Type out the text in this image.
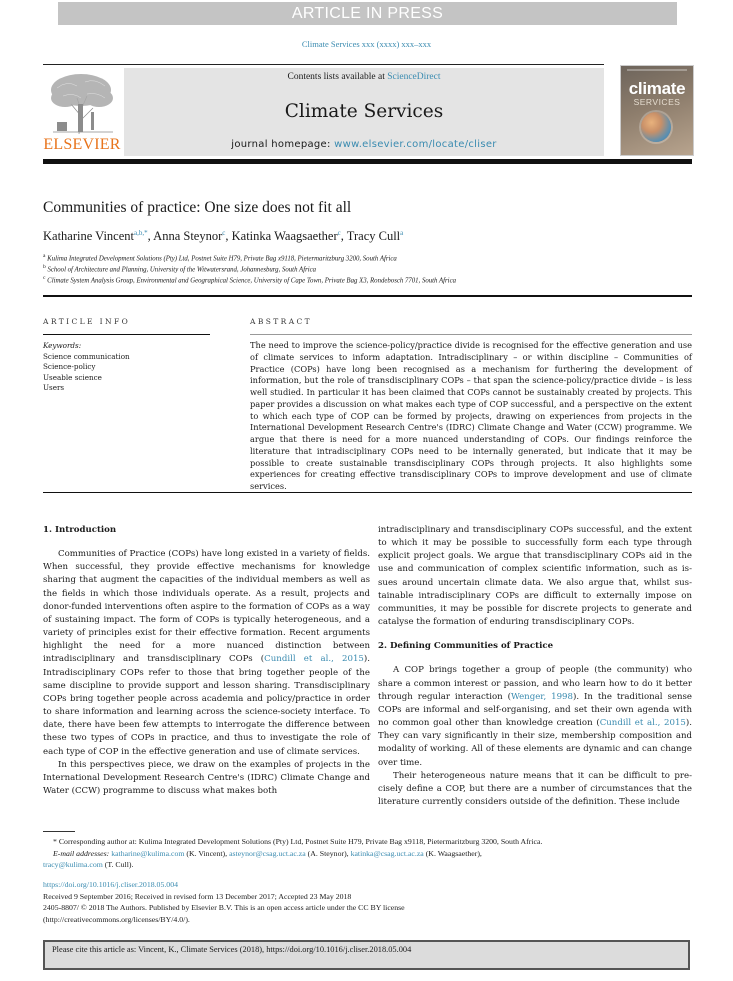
ARTICLE IN PRESS
Climate Services xxx (xxxx) xxx–xxx
ELSEVIER
Contents lists available at ScienceDirect
Climate Services
journal homepage: www.elsevier.com/locate/cliser
climate
SERVICES
Communities of practice: One size does not fit all
Katharine Vincent$^{a,b,*}$, Anna Steynor$^c$, Katinka Waagsaether$^c$, Tracy Cull$^a$
$^a$ Kulima Integrated Development Solutions (Pty) Ltd, Postnet Suite H79, Private Bag x9118, Pietermaritzburg 3200, South Africa
$^b$ School of Architecture and Planning, University of the Witwatersrand, Johannesburg, South Africa
$^c$ Climate System Analysis Group, Environmental and Geographical Science, University of Cape Town, Private Bag X3, Rondebosch 7701, South Africa
ARTICLE INFO	ABSTRACT
Keywords:
Science communication
Science-policy
Useable science
Users
The need to improve the science-policy/practice divide is recognised for the effective generation and use of climate services to inform adaptation. Intradisciplinary – or within discipline – Communities of Practice (COPs) have long been recognised as a mechanism for furthering the development of information, but the role of transdisciplinary COPs – that span the science-policy/practice divide – is less well studied. In particular it has been claimed that COPs cannot be sustainably created by projects. This paper provides a discussion on what makes each type of COP successful, and a perspective on the extent to which each type of COP can be formed by projects, drawing on experiences from projects in the International Development Research Centre's (IDRC) Climate Change and Water (CCW) programme. We argue that there is need for a more nuanced understanding of COPs. Our findings reinforce the literature that intradisciplinary COPs need to be internally generated, but indicate that it may be possible to create sustainable transdisciplinary COPs through projects. It also highlights some experiences for creating effective transdisciplinary COPs to improve development and use of climate services.
1. Introduction

Communities of Practice (COPs) have long existed in a variety of fields. When successful, they provide effective mechanisms for knowledge sharing that augment the capacities of the individual members as well as the fields in which those individuals operate. As a result, projects and donor-funded interventions often aspire to the formation of COPs as a way of sustaining impact. The form of COPs is typically heterogeneous, and a variety of principles exist for their effective formation. Recent arguments highlight the need for a more nuanced distinction between intradisciplinary and transdisciplinary COPs (Cundill et al., 2015). Intradisciplinary COPs refer to those that bring together people of the same discipline to provide support and lesson sharing. Transdisciplinary COPs bring together people across academia and policy/practice in order to share information and learning across the science-society interface. To date, there have been few attempts to interrogate the difference between these two types of COPs in practice, and thus to investigate the role of each type of COP in the effective generation and use of climate services.

In this perspectives piece, we draw on the examples of projects in the International Development Research Centre's (IDRC) Climate Change and Water (CCW) programme to discuss what makes both

intradisciplinary and transdisciplinary COPs successful, and the extent to which it may be possible to successfully form each type through explicit project goals. We argue that transdisciplinary COPs aid in the use and communication of complex scientific information, such as issues around uncertain climate data. We also argue that, whilst sustainable intradisciplinary COPs are difficult to externally impose on communities, it may be possible for discrete projects to generate and catalyse the formation of enduring transdisciplinary COPs.

2. Defining Communities of Practice

A COP brings together a group of people (the community) who share a common interest or passion, and who learn how to do it better through regular interaction (Wenger, 1998). In the traditional sense COPs are informal and self-organising, and set their own agenda with no common goal other than knowledge creation (Cundill et al., 2015). They can vary significantly in their size, membership composition and modality of working. All of these elements are dynamic and can change over time.

Their heterogeneous nature means that it can be difficult to precisely define a COP, but there are a number of circumstances that the literature currently considers outside of the definition. These include

* Corresponding author at: Kulima Integrated Development Solutions (Pty) Ltd, Postnet Suite H79, Private Bag x9118, Pietermaritzburg 3200, South Africa.
E-mail addresses: katharine@kulima.com (K. Vincent), asteynor@csag.uct.ac.za (A. Steynor), katinka@csag.uct.ac.za (K. Waagsaether),
tracy@kulima.com (T. Cull).
https://doi.org/10.1016/j.cliser.2018.05.004
Received 9 September 2016; Received in revised form 13 December 2017; Accepted 23 May 2018
2405-8807/ © 2018 The Authors. Published by Elsevier B.V. This is an open access article under the CC BY license
(http://creativecommons.org/licenses/BY/4.0/).
Please cite this article as: Vincent, K., Climate Services (2018), https://doi.org/10.1016/j.cliser.2018.05.004
